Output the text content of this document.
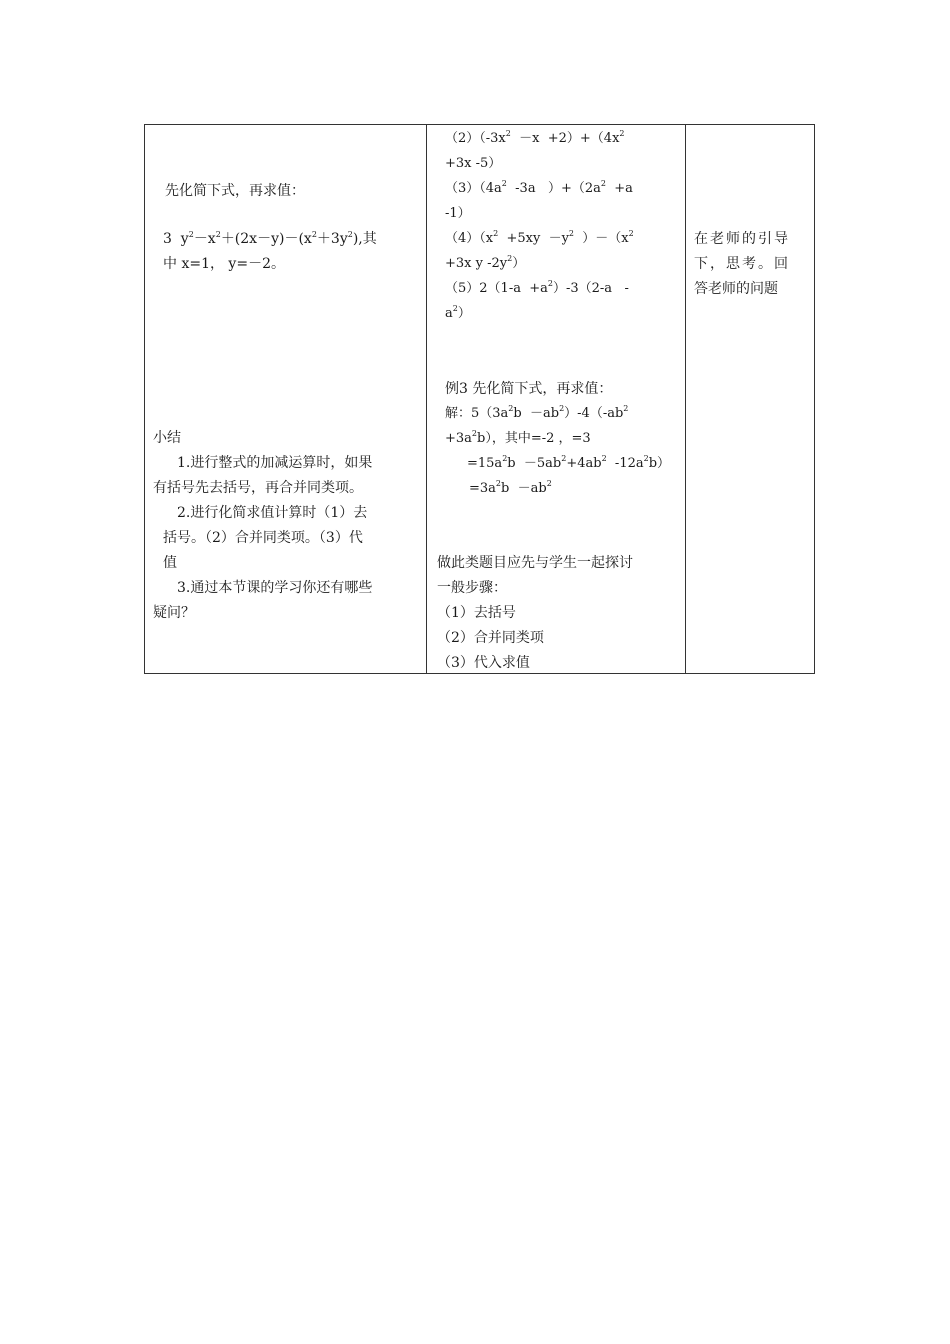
先化简下式，再求值：
3  $y^2-x^2+(2x-y)-(x^2+3y^2)$,其
中 x=1， y=－2。
小结
1.进行整式的加减运算时，如果
有括号先去括号，再合并同类项。
2.进行化简求值计算时（1）去
括号。（2）合并同类项。（3）代
值
3.通过本节课的学习你还有哪些
疑问？

$(2)(-3x^2 -x +2)+(4x^2$
+3x -5）
$(3)(4a^2$  -3a   ）$+(2a^2 +a$
-1）
$(4)(x^2 +5xy -y^2$  ）$-(x^2$
+3x y $-2y^2$）
$(5)2(1-a +a^2)-3(2-a$   -
$a^2$）
例3 先化简下式，再求值：
解：$5(3a^2b -ab^2)-4(-ab^2$
$+3a^2b$），其中=-2 ，=3
$=15a^2b -5ab^2+4ab^2$  $-12a^2b$）
$=3a^2b -ab^2$
做此类题目应先与学生一起探讨
一般步骤：
（1）去括号
（2）合并同类项
（3）代入求值

在老师的引导
下，思考。回
答老师的问题
